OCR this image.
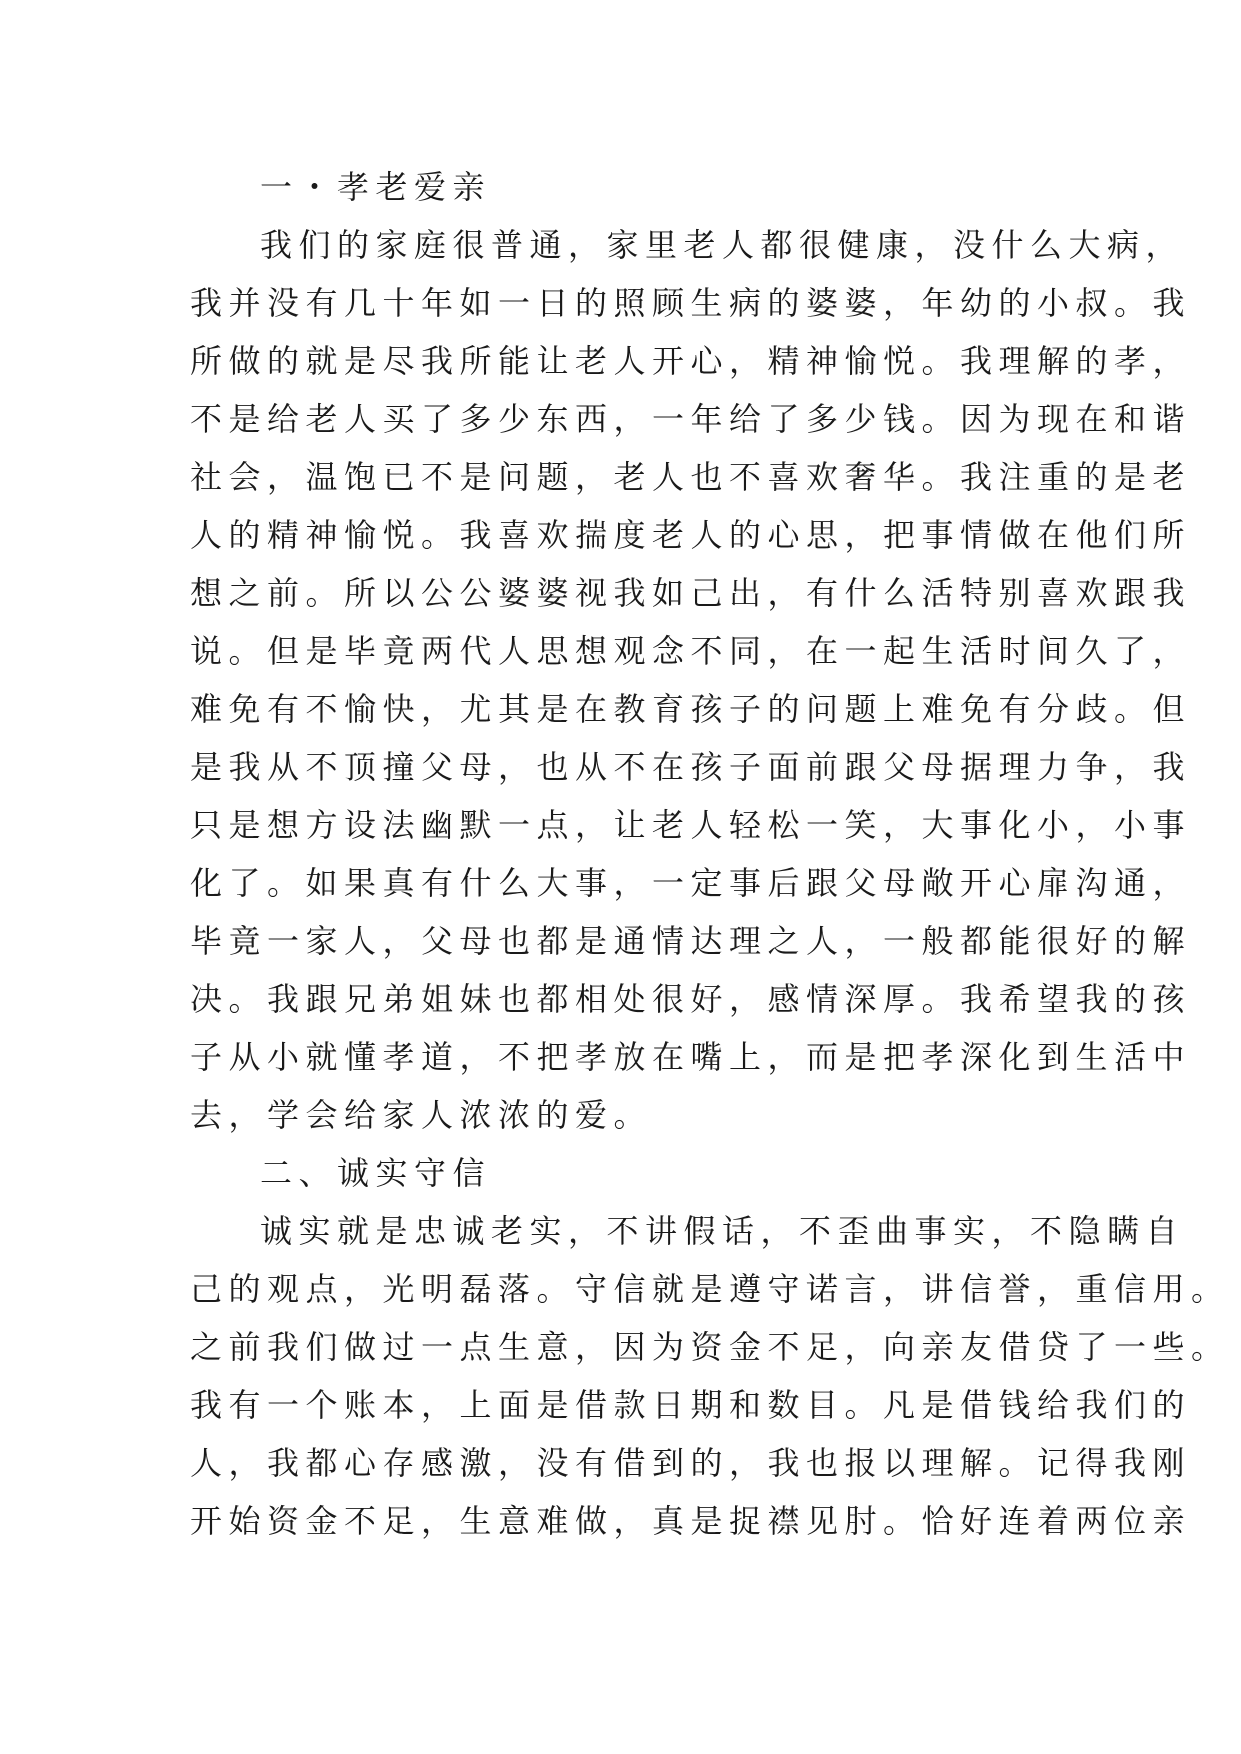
一・孝老爱亲
我们的家庭很普通，家里老人都很健康，没什么大病，
我并没有几十年如一日的照顾生病的婆婆，年幼的小叔。我
所做的就是尽我所能让老人开心，精神愉悦。我理解的孝，
不是给老人买了多少东西，一年给了多少钱。因为现在和谐
社会，温饱已不是问题，老人也不喜欢奢华。我注重的是老
人的精神愉悦。我喜欢揣度老人的心思，把事情做在他们所
想之前。所以公公婆婆视我如己出，有什么活特别喜欢跟我
说。但是毕竟两代人思想观念不同，在一起生活时间久了，
难免有不愉快，尤其是在教育孩子的问题上难免有分歧。但
是我从不顶撞父母，也从不在孩子面前跟父母据理力争，我
只是想方设法幽默一点，让老人轻松一笑，大事化小，小事
化了。如果真有什么大事，一定事后跟父母敞开心扉沟通，
毕竟一家人，父母也都是通情达理之人，一般都能很好的解
决。我跟兄弟姐妹也都相处很好，感情深厚。我希望我的孩
子从小就懂孝道，不把孝放在嘴上，而是把孝深化到生活中
去，学会给家人浓浓的爱。
二、诚实守信
诚实就是忠诚老实，不讲假话，不歪曲事实，不隐瞒自
己的观点，光明磊落。守信就是遵守诺言，讲信誉，重信用。
之前我们做过一点生意，因为资金不足，向亲友借贷了一些。
我有一个账本，上面是借款日期和数目。凡是借钱给我们的
人，我都心存感激，没有借到的，我也报以理解。记得我刚
开始资金不足，生意难做，真是捉襟见肘。恰好连着两位亲
